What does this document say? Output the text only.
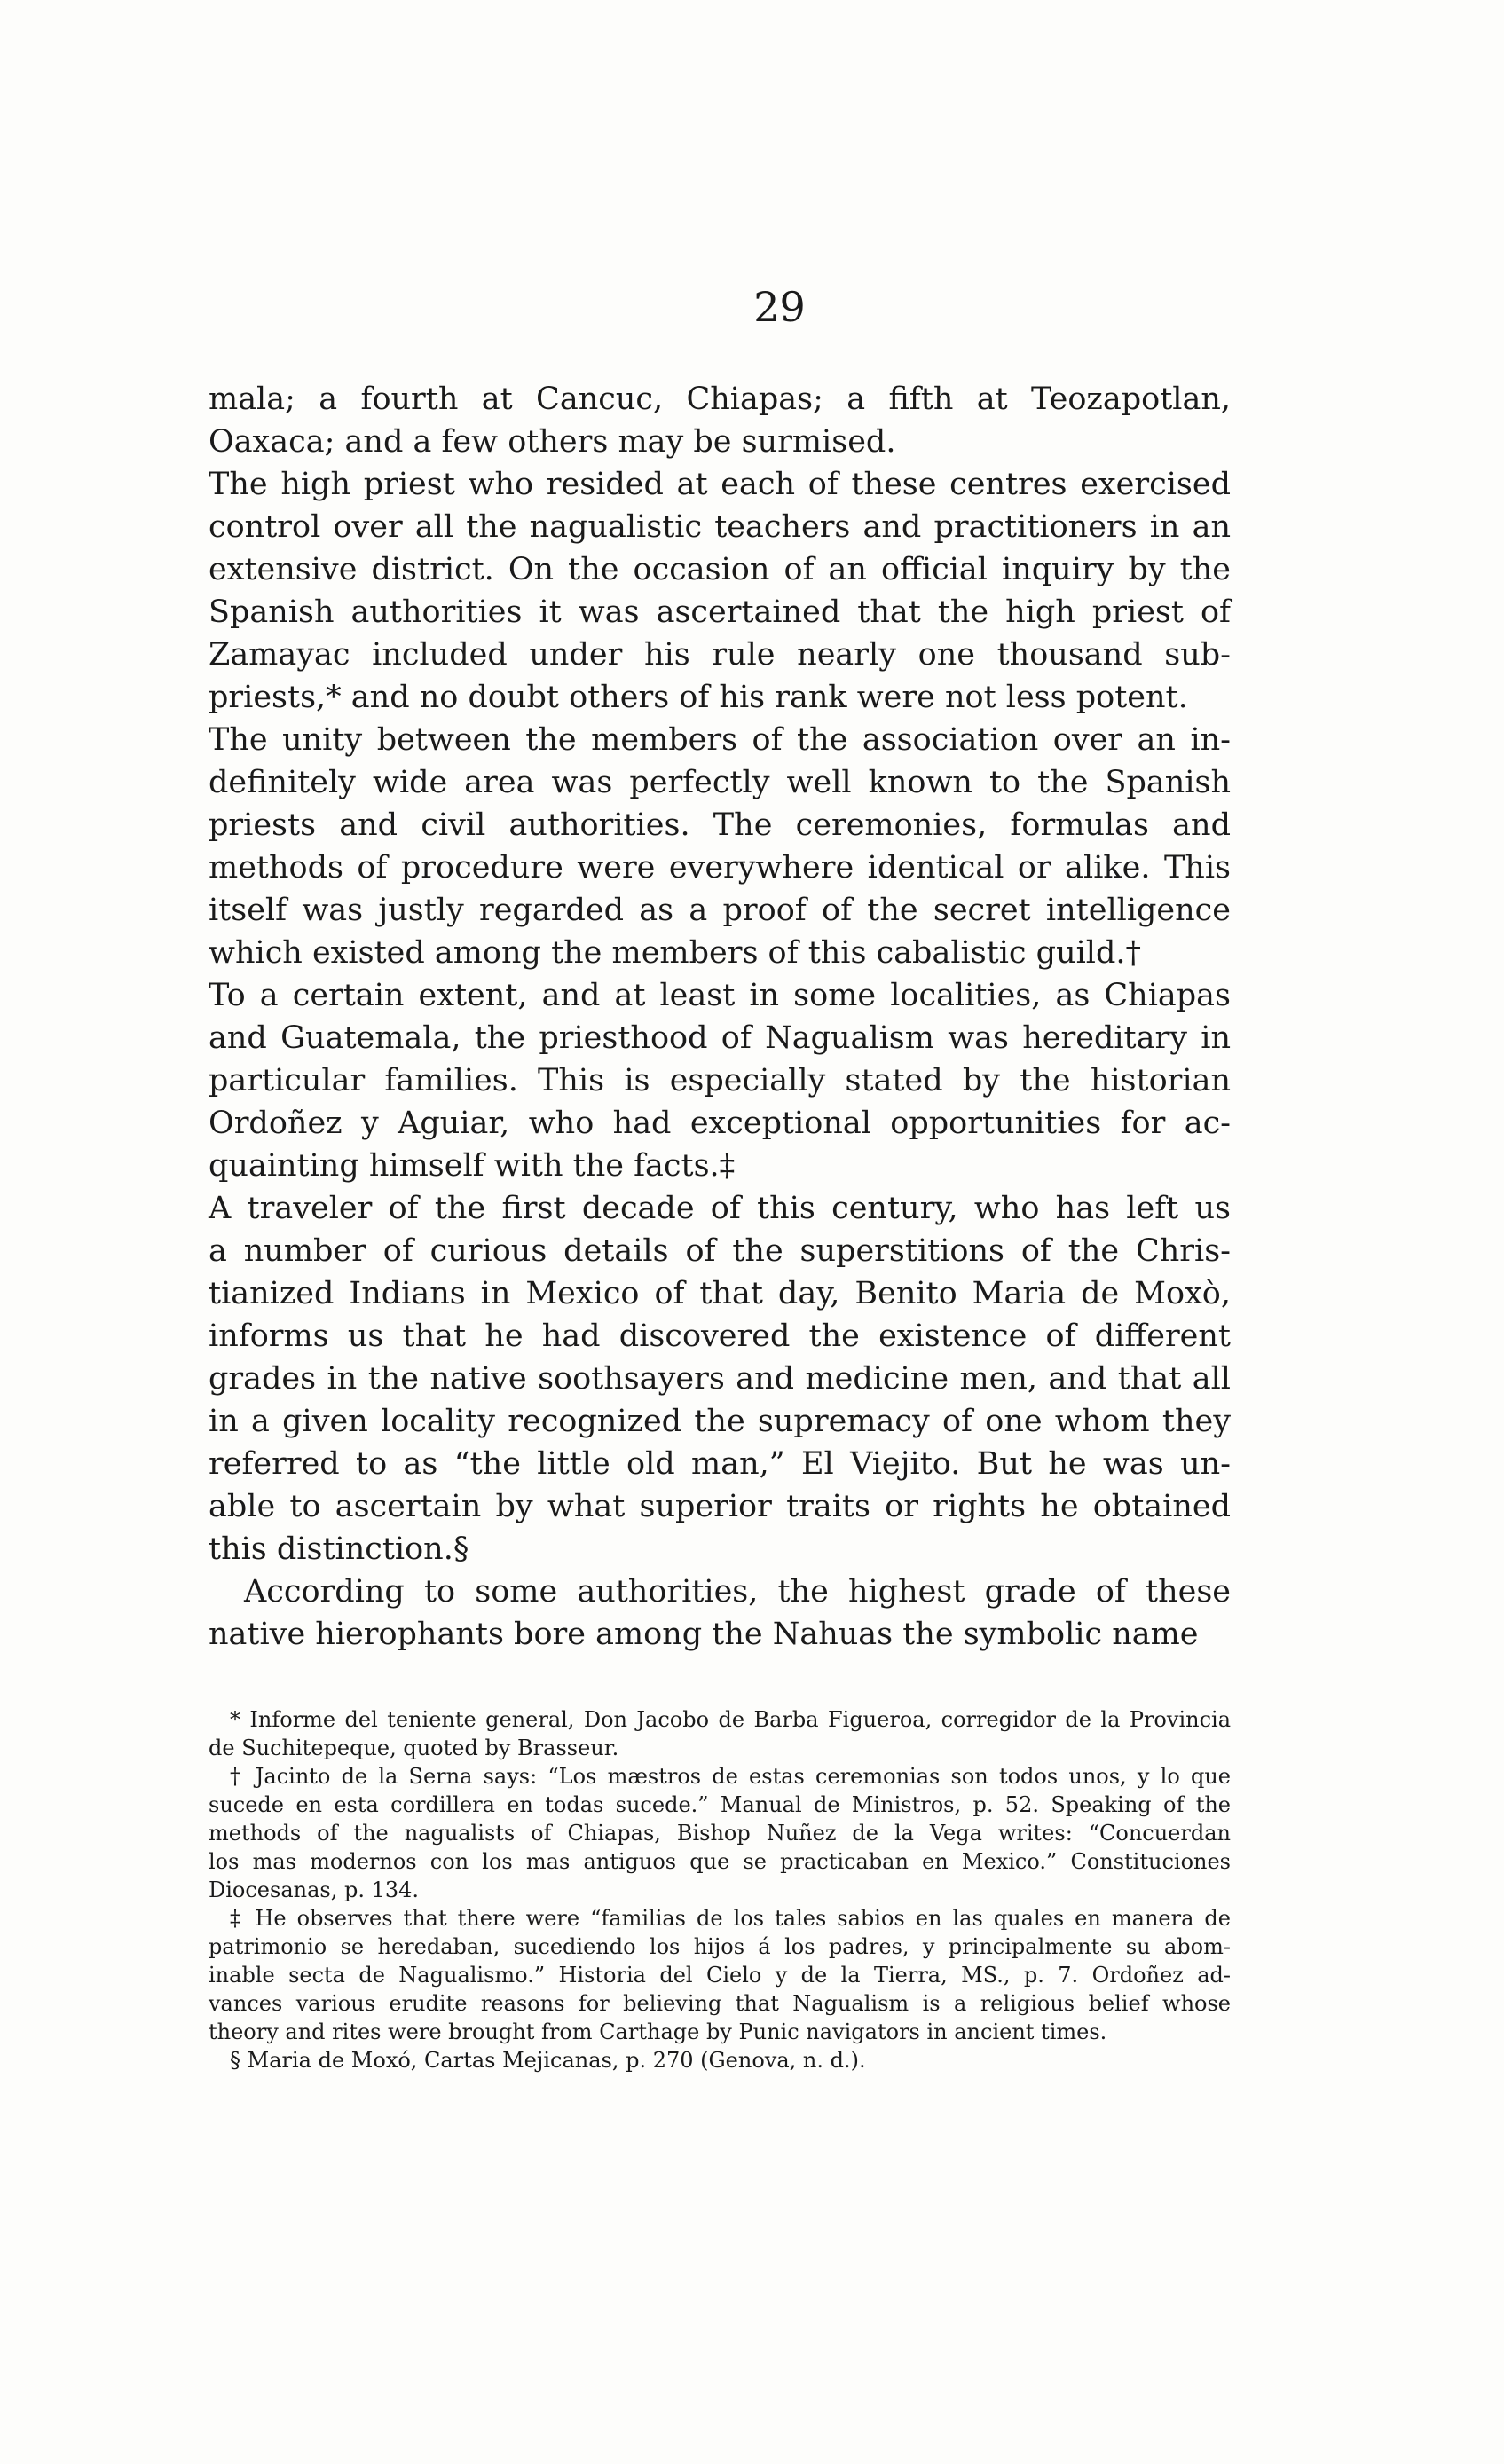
29
mala; a fourth at Cancuc, Chiapas; a fifth at Teozapotlan,
Oaxaca; and a few others may be surmised.
The high priest who resided at each of these centres exercised
control over all the nagualistic teachers and practitioners in an
extensive district. On the occasion of an official inquiry by the
Spanish authorities it was ascertained that the high priest of
Zamayac included under his rule nearly one thousand sub-
priests,* and no doubt others of his rank were not less potent.
The unity between the members of the association over an in-
definitely wide area was perfectly well known to the Spanish
priests and civil authorities. The ceremonies, formulas and
methods of procedure were everywhere identical or alike. This
itself was justly regarded as a proof of the secret intelligence
which existed among the members of this cabalistic guild.†
To a certain extent, and at least in some localities, as Chiapas
and Guatemala, the priesthood of Nagualism was hereditary in
particular families. This is especially stated by the historian
Ordoñez y Aguiar, who had exceptional opportunities for ac-
quainting himself with the facts.‡
A traveler of the first decade of this century, who has left us
a number of curious details of the superstitions of the Chris-
tianized Indians in Mexico of that day, Benito Maria de Moxò,
informs us that he had discovered the existence of different
grades in the native soothsayers and medicine men, and that all
in a given locality recognized the supremacy of one whom they
referred to as “the little old man,” El Viejito. But he was un-
able to ascertain by what superior traits or rights he obtained
this distinction.§
According to some authorities, the highest grade of these
native hierophants bore among the Nahuas the symbolic name
* Informe del teniente general, Don Jacobo de Barba Figueroa, corregidor de la Provincia
de Suchitepeque, quoted by Brasseur.
† Jacinto de la Serna says: “Los mæstros de estas ceremonias son todos unos, y lo que
sucede en esta cordillera en todas sucede.” Manual de Ministros, p. 52. Speaking of the
methods of the nagualists of Chiapas, Bishop Nuñez de la Vega writes: “Concuerdan
los mas modernos con los mas antiguos que se practicaban en Mexico.” Constituciones
Diocesanas, p. 134.
‡ He observes that there were “familias de los tales sabios en las quales en manera de
patrimonio se heredaban, sucediendo los hijos á los padres, y principalmente su abom-
inable secta de Nagualismo.” Historia del Cielo y de la Tierra, MS., p. 7. Ordoñez ad-
vances various erudite reasons for believing that Nagualism is a religious belief whose
theory and rites were brought from Carthage by Punic navigators in ancient times.
§ Maria de Moxó, Cartas Mejicanas, p. 270 (Genova, n. d.).
